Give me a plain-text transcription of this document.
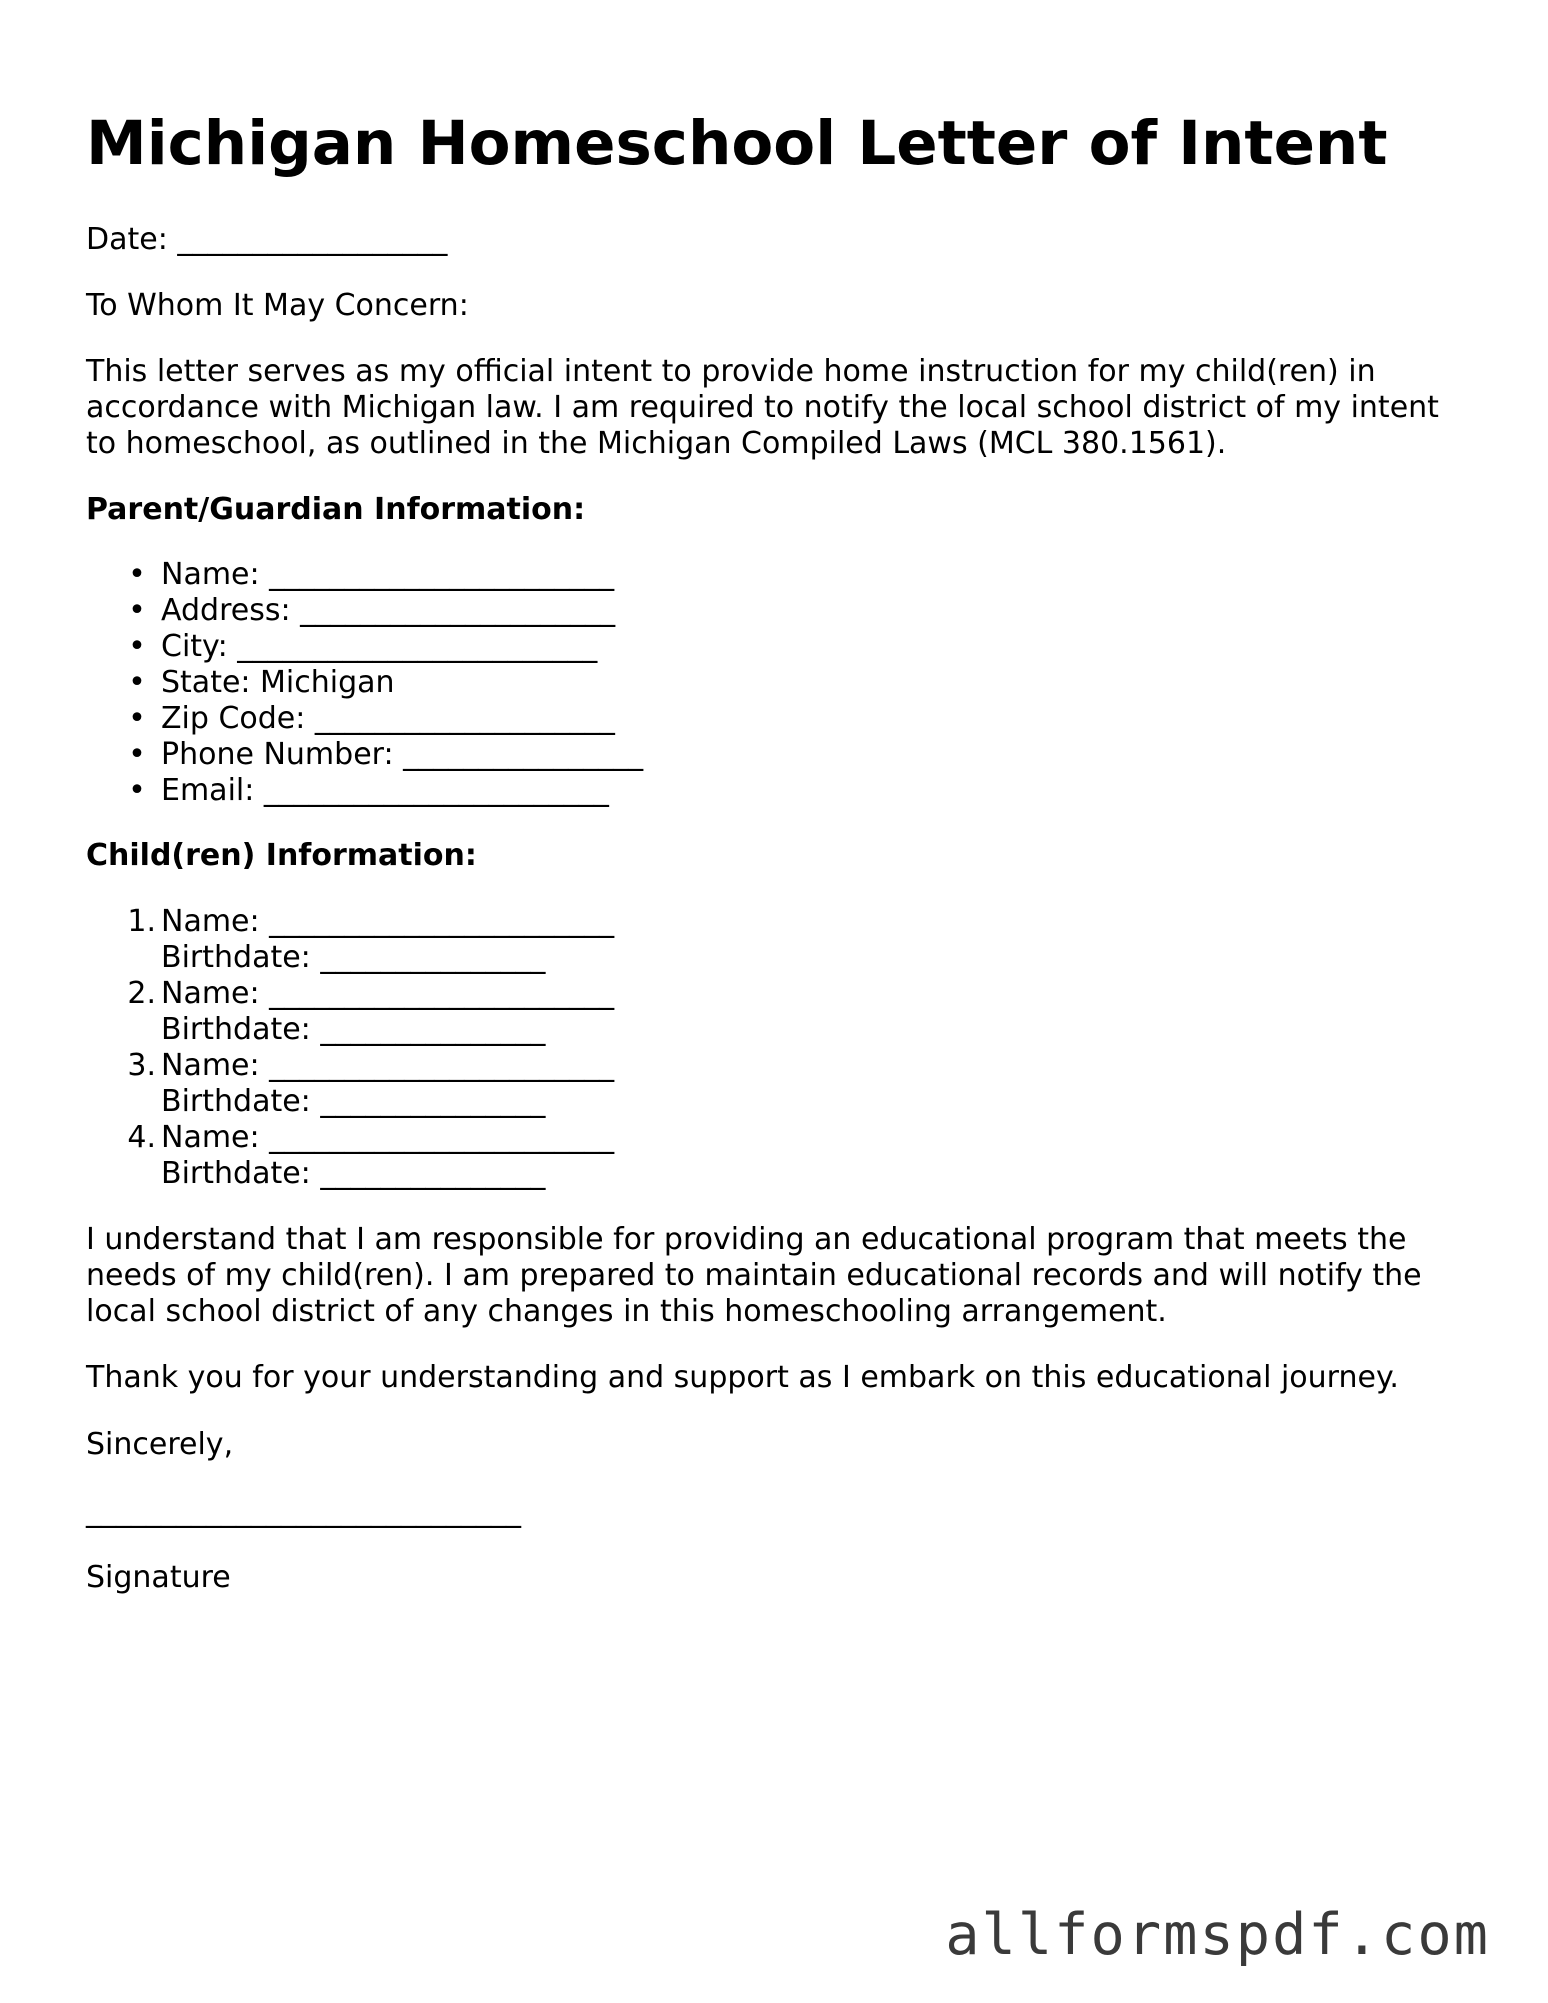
Michigan Homeschool Letter of Intent

Date: __________________

To Whom It May Concern:

This letter serves as my official intent to provide home instruction for my child(ren) in
accordance with Michigan law. I am required to notify the local school district of my intent
to homeschool, as outlined in the Michigan Compiled Laws (MCL 380.1561).

Parent/Guardian Information:

• Name: _______________________
• Address: _____________________
• City: ________________________
• State: Michigan
• Zip Code: ____________________
• Phone Number: ________________
• Email: _______________________

Child(ren) Information:

1. Name: _______________________
Birthdate: _______________
2. Name: _______________________
Birthdate: _______________
3. Name: _______________________
Birthdate: _______________
4. Name: _______________________
Birthdate: _______________
I understand that I am responsible for providing an educational program that meets the
needs of my child(ren). I am prepared to maintain educational records and will notify the
local school district of any changes in this homeschooling arrangement.

Thank you for your understanding and support as I embark on this educational journey.

Sincerely,

_____________________________

Signature

allformspdf.com
